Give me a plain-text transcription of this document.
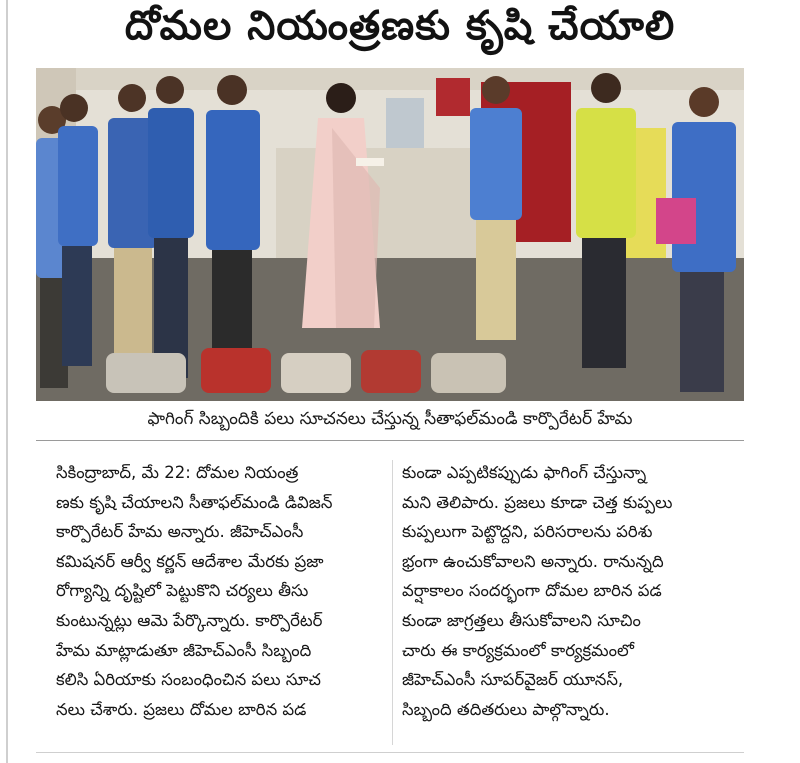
దోమల నియంత్రణకు కృషి చేయాలి
ఫాగింగ్ సిబ్బందికి పలు సూచనలు చేస్తున్న సీతాఫల్‌మండి కార్పొరేటర్ హేమ
సికింద్రాబాద్, మే 22: దోమల నియంత్ర
ణకు కృషి చేయాలని సీతాఫల్‌మండి డివిజన్
కార్పొరేటర్ హేమ అన్నారు. జీహెచ్ఎంసీ
కమిషనర్ ఆర్వీ కర్ణన్ ఆదేశాల మేరకు ప్రజా
రోగ్యాన్ని దృష్టిలో పెట్టుకొని చర్యలు తీసు
కుంటున్నట్లు ఆమె పేర్కొన్నారు. కార్పొరేటర్
హేమ మాట్లాడుతూ జీహెచ్ఎంసీ సిబ్బంది
కలిసి ఏరియాకు సంబంధించిన పలు సూచ
నలు చేశారు. ప్రజలు దోమల బారిన పడ
కుండా ఎప్పటికప్పుడు ఫాగింగ్ చేస్తున్నా
మని తెలిపారు. ప్రజలు కూడా చెత్త కుప్పలు
కుప్పలుగా పెట్టొద్దని, పరిసరాలను పరిశు
భ్రంగా ఉంచుకోవాలని అన్నారు. రానున్నది
వర్షాకాలం సందర్భంగా దోమల బారిన పడ
కుండా జాగ్రత్తలు తీసుకోవాలని సూచిం
చారు ఈ కార్యక్రమంలో కార్యక్రమంలో
జీహెచ్ఎంసీ సూపర్‌వైజర్ యూనస్,
సిబ్బంది తదితరులు పాల్గొన్నారు.
